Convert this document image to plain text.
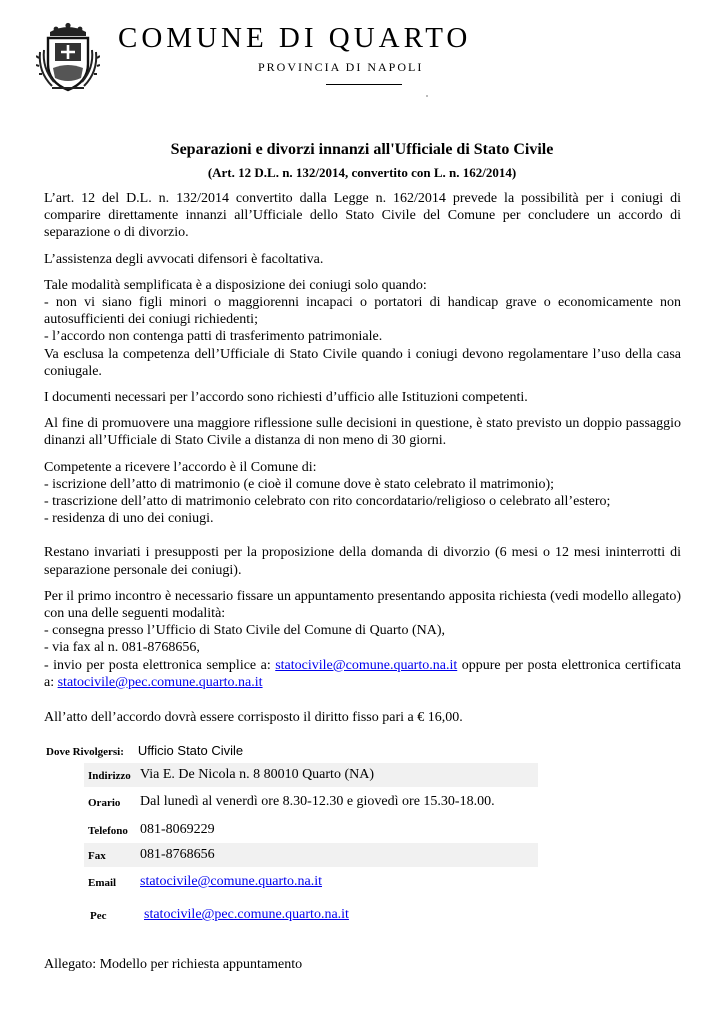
COMUNE DI QUARTO
PROVINCIA DI NAPOLI
Separazioni e divorzi innanzi all'Ufficiale di Stato Civile
(Art. 12 D.L. n. 132/2014, convertito con L. n. 162/2014)

L’art. 12 del D.L. n. 132/2014 convertito dalla Legge n. 162/2014 prevede la possibilità per i coniugi di comparire direttamente innanzi all’Ufficiale dello Stato Civile del Comune per concludere un accordo di separazione o di divorzio.

L’assistenza degli avvocati difensori è facoltativa.

Tale modalità semplificata è a disposizione dei coniugi solo quando:

- non vi siano figli minori o maggiorenni incapaci o portatori di handicap grave o economicamente non autosufficienti dei coniugi richiedenti;

- l’accordo non contenga patti di trasferimento patrimoniale.

Va esclusa la competenza dell’Ufficiale di Stato Civile quando i coniugi devono regolamentare l’uso della casa coniugale.

I documenti necessari per l’accordo sono richiesti d’ufficio alle Istituzioni competenti.

Al fine di promuovere una maggiore riflessione sulle decisioni in questione, è stato previsto un doppio passaggio dinanzi all’Ufficiale di Stato Civile a distanza di non meno di 30 giorni.

Competente a ricevere l’accordo è il Comune di:

- iscrizione dell’atto di matrimonio (e cioè il comune dove è stato celebrato il matrimonio);

- trascrizione dell’atto di matrimonio celebrato con rito concordatario/religioso o celebrato all’estero;

- residenza di uno dei coniugi.

Restano invariati i presupposti per la proposizione della domanda di divorzio (6 mesi o 12 mesi ininterrotti di separazione personale dei coniugi).

Per il primo incontro è necessario fissare un appuntamento presentando apposita richiesta (vedi modello allegato) con una delle seguenti modalità:

- consegna presso l’Ufficio di Stato Civile del Comune di Quarto (NA),

- via fax al n. 081-8768656,

- invio per posta elettronica semplice a: statocivile@comune.quarto.na.it oppure per posta elettronica certificata a: statocivile@pec.comune.quarto.na.it

All’atto dell’accordo dovrà essere corrisposto il diritto fisso pari a € 16,00.

Dove Rivolgersi: Ufficio Stato Civile
Indirizzo Via E. De Nicola n. 8 80010 Quarto (NA)
Orario Dal lunedì al venerdì ore 8.30-12.30 e giovedì ore 15.30-18.00.
Telefono 081-8069229
Fax 081-8768656
Email statocivile@comune.quarto.na.it
Pec	statocivile@pec.comune.quarto.na.it
Allegato: Modello per richiesta appuntamento
